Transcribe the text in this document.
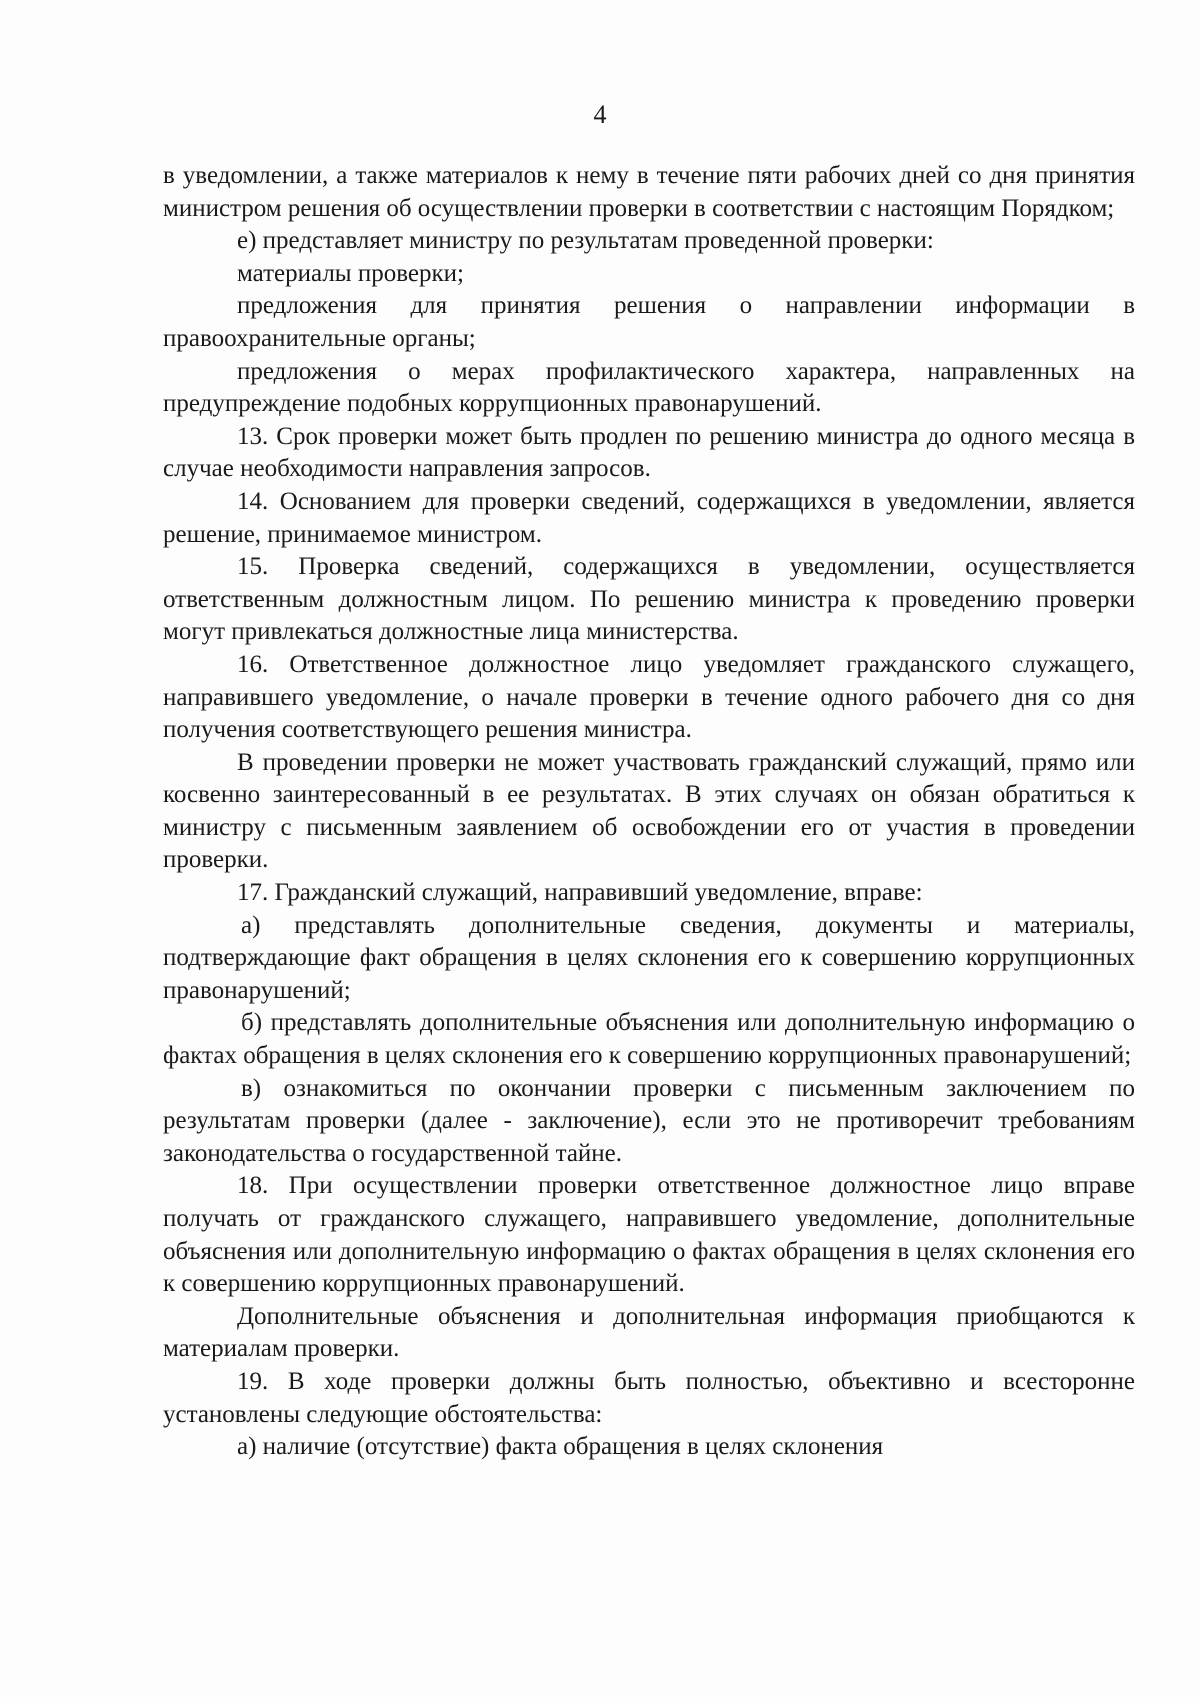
4

в уведомлении, а также материалов к нему в течение пяти рабочих дней со дня принятия министром решения об осуществлении проверки в соответствии с настоящим Порядком;

е) представляет министру по результатам проведенной проверки:

материалы проверки;

предложения для принятия решения о направлении информации в правоохранительные органы;

предложения о мерах профилактического характера, направленных на предупреждение подобных коррупционных правонарушений.

13. Срок проверки может быть продлен по решению министра до одного месяца в случае необходимости направления запросов.

14. Основанием для проверки сведений, содержащихся в уведомлении, является решение, принимаемое министром.

15. Проверка сведений, содержащихся в уведомлении, осуществляется ответственным должностным лицом. По решению министра к проведению проверки могут привлекаться должностные лица министерства.

16. Ответственное должностное лицо уведомляет гражданского служащего, направившего уведомление, о начале проверки в течение одного рабочего дня со дня получения соответствующего решения министра.

В проведении проверки не может участвовать гражданский служащий, прямо или косвенно заинтересованный в ее результатах. В этих случаях он обязан обратиться к министру с письменным заявлением об освобождении его от участия в проведении проверки.

17. Гражданский служащий, направивший уведомление, вправе:

а) представлять дополнительные сведения, документы и материалы, подтверждающие факт обращения в целях склонения его к совершению коррупционных правонарушений;

б) представлять дополнительные объяснения или дополнительную информацию о фактах обращения в целях склонения его к совершению коррупционных правонарушений;

в) ознакомиться по окончании проверки с письменным заключением по результатам проверки (далее - заключение), если это не противоречит требованиям законодательства о государственной тайне.

18. При осуществлении проверки ответственное должностное лицо вправе получать от гражданского служащего, направившего уведомление, дополнительные объяснения или дополнительную информацию о фактах обращения в целях склонения его к совершению коррупционных правонарушений.

Дополнительные объяснения и дополнительная информация приобщаются к материалам проверки.

19. В ходе проверки должны быть полностью, объективно и всесторонне установлены следующие обстоятельства:

а) наличие (отсутствие) факта обращения в целях склонения
